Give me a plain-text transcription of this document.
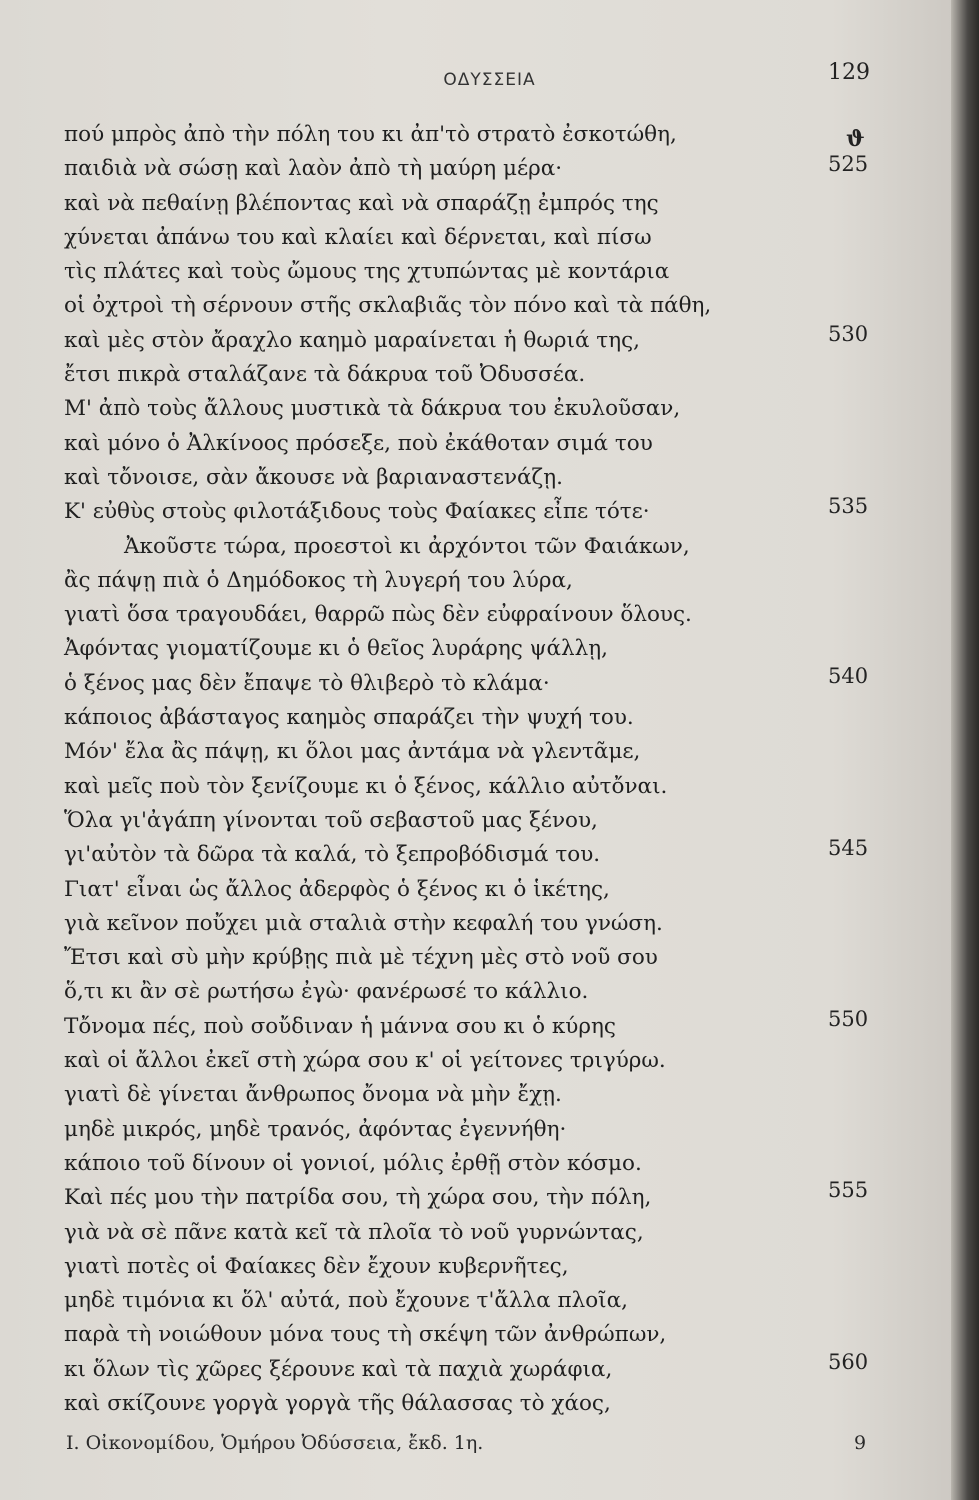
ΟΔΥΣΣΕΙΑ	129
ϑ
πού μπρὸς ἀπὸ τὴν πόλη του κι ἀπ'τὸ στρατὸ ἐσκοτώθη,
παιδιὰ νὰ σώσῃ καὶ λαὸν ἀπὸ τὴ μαύρη μέρα·
καὶ νὰ πεθαίνῃ βλέποντας καὶ νὰ σπαράζῃ ἐμπρός της
χύνεται ἀπάνω του καὶ κλαίει καὶ δέρνεται, καὶ πίσω
τὶς πλάτες καὶ τοὺς ὤμους της χτυπώντας μὲ κοντάρια
οἱ ὀχτροὶ τὴ σέρνουν στῆς σκλαβιᾶς τὸν πόνο καὶ τὰ πάθη,
καὶ μὲς στὸν ἄραχλο καημὸ μαραίνεται ἡ θωριά της,
ἔτσι πικρὰ σταλάζανε τὰ δάκρυα τοῦ Ὀδυσσέα.
Μ' ἀπὸ τοὺς ἄλλους μυστικὰ τὰ δάκρυα του ἐκυλοῦσαν,
καὶ μόνο ὁ Ἀλκίνοος πρόσεξε, ποὺ ἐκάθοταν σιμά του
καὶ τὄνοισε, σὰν ἄκουσε νὰ βαριαναστενάζῃ.
Κ' εὐθὺς στοὺς φιλοτάξιδους τοὺς Φαίακες εἶπε τότε·
Ἀκοῦστε τώρα, προεστοὶ κι ἀρχόντοι τῶν Φαιάκων,
ἂς πάψῃ πιὰ ὁ Δημόδοκος τὴ λυγερή του λύρα,
γιατὶ ὅσα τραγουδάει, θαρρῶ πὼς δὲν εὐφραίνουν ὅλους.
Ἀφόντας γιοματίζουμε κι ὁ θεῖος λυράρης ψάλλῃ,
ὁ ξένος μας δὲν ἔπαψε τὸ θλιβερὸ τὸ κλάμα·
κάποιος ἀβάσταγος καημὸς σπαράζει τὴν ψυχή του.
Μόν' ἔλα ἂς πάψῃ, κι ὅλοι μας ἀντάμα νὰ γλεντᾶμε,
καὶ μεῖς ποὺ τὸν ξενίζουμε κι ὁ ξένος, κάλλιο αὐτὄναι.
Ὅλα γι'ἀγάπη γίνονται τοῦ σεβαστοῦ μας ξένου,
γι'αὐτὸν τὰ δῶρα τὰ καλά, τὸ ξεπροβόδισμά του.
Γιατ' εἶναι ὡς ἄλλος ἀδερφὸς ὁ ξένος κι ὁ ἱκέτης,
γιὰ κεῖνον ποὔχει μιὰ σταλιὰ στὴν κεφαλή του γνώση.
Ἔτσι καὶ σὺ μὴν κρύβῃς πιὰ μὲ τέχνη μὲς στὸ νοῦ σου
ὅ,τι κι ἂν σὲ ρωτήσω ἐγὼ· φανέρωσέ το κάλλιο.
Τὄνομα πές, ποὺ σοὔδιναν ἡ μάννα σου κι ὁ κύρης
καὶ οἱ ἄλλοι ἐκεῖ στὴ χώρα σου κ' οἱ γείτονες τριγύρω.
γιατὶ δὲ γίνεται ἄνθρωπος ὄνομα νὰ μὴν ἔχῃ.
μηδὲ μικρός, μηδὲ τρανός, ἀφόντας ἐγεννήθη·
κάποιο τοῦ δίνουν οἱ γονιοί, μόλις ἐρθῇ στὸν κόσμο.
Καὶ πές μου τὴν πατρίδα σου, τὴ χώρα σου, τὴν πόλη,
γιὰ νὰ σὲ πᾶνε κατὰ κεῖ τὰ πλοῖα τὸ νοῦ γυρνώντας,
γιατὶ ποτὲς οἱ Φαίακες δὲν ἔχουν κυβερνῆτες,
μηδὲ τιμόνια κι ὅλ' αὐτά, ποὺ ἔχουνε τ'ἄλλα πλοῖα,
παρὰ τὴ νοιώθουν μόνα τους τὴ σκέψη τῶν ἀνθρώπων,
κι ὅλων τὶς χῶρες ξέρουνε καὶ τὰ παχιὰ χωράφια,
καὶ σκίζουνε γοργὰ γοργὰ τῆς θάλασσας τὸ χάος,
525
530
535
540
545
550
555
560
Ι. Οἰκονομίδου, Ὁμήρου Ὀδύσσεια, ἔκδ. 1η.	9
